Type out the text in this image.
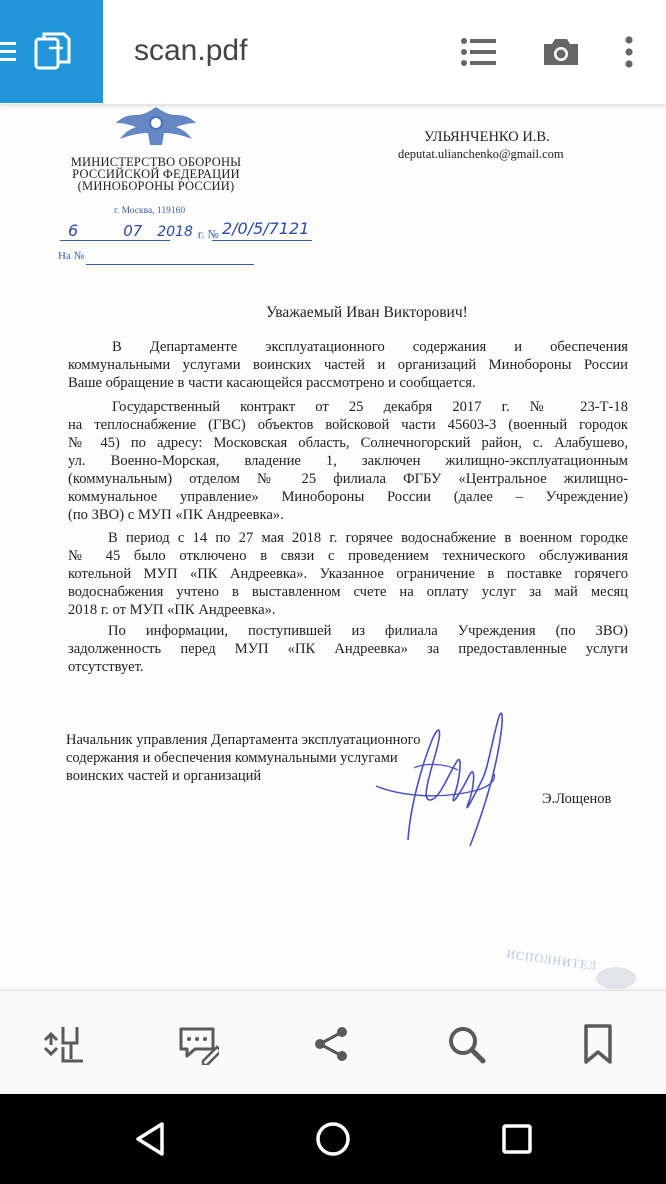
scan.pdf
МИНИСТЕРСТВО ОБОРОНЫ
РОССИЙСКОЙ ФЕДЕРАЦИИ
(МИНОБОРОНЫ РОССИИ)
г. Москва, 119160
6	07 2018 г. № 2/0/5/7121
На №
УЛЬЯНЧЕНКО И.В.
deputat.ulianchenko@gmail.com
Уважаемый Иван Викторович!
В Департаменте эксплуатационного содержания и обеспечения
коммунальными услугами воинских частей и организаций Минобороны России
Ваше обращение в части касающейся рассмотрено и сообщается.
Государственный контракт от 25 декабря 2017 г. № 23-Т-18
на теплоснабжение (ГВС) объектов войсковой части 45603-3 (военный городок
№ 45) по адресу: Московская область, Солнечногорский район, с. Алабушево,
ул. Военно-Морская, владение 1, заключен жилищно-эксплуатационным
(коммунальным) отделом № 25 филиала ФГБУ «Центральное жилищно-
коммунальное управление» Минобороны России (далее – Учреждение)
(по ЗВО) с МУП «ПК Андреевка».
В период с 14 по 27 мая 2018 г. горячее водоснабжение в военном городке
№ 45 было отключено в связи с проведением технического обслуживания
котельной МУП «ПК Андреевка». Указанное ограничение в поставке горячего
водоснабжения учтено в выставленном счете на оплату услуг за май месяц
2018 г. от МУП «ПК Андреевка».
По информации, поступившей из филиала Учреждения (по ЗВО)
задолженность перед МУП «ПК Андреевка» за предоставленные услуги
отсутствует.
Начальник управления Департамента эксплуатационного
содержания и обеспечения коммунальными услугами
воинских частей и организаций
Э.Лощенов
ИСПОЛНИТЕЛ
